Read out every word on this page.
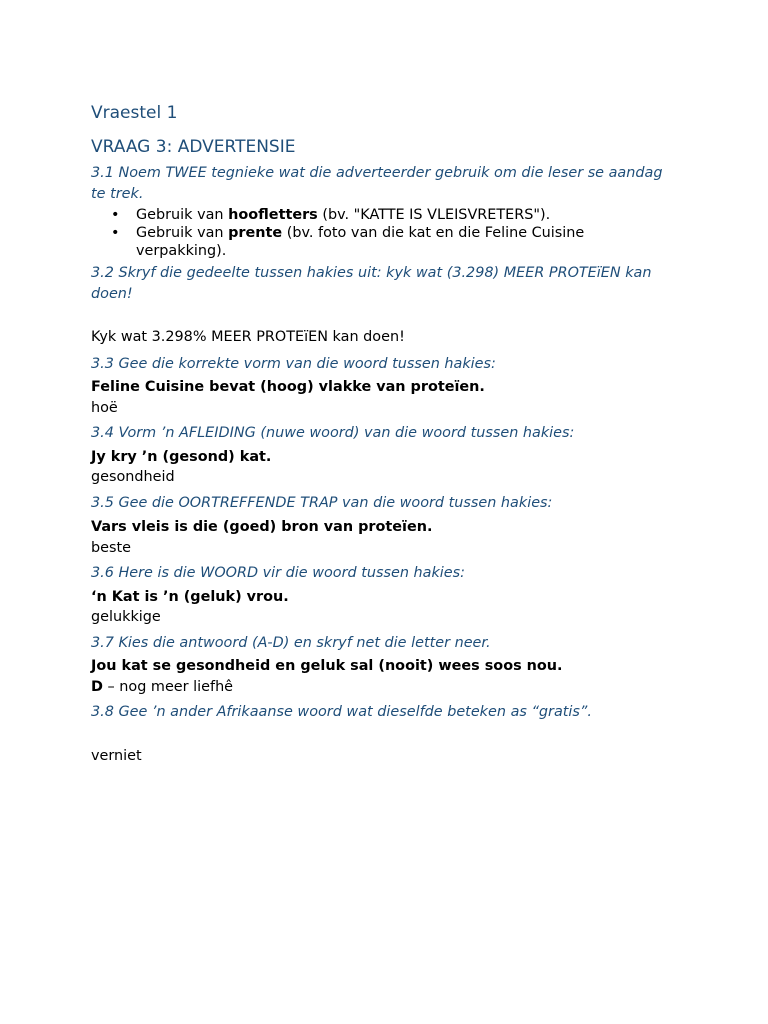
Vraestel 1

VRAAG 3: ADVERTENSIE

3.1 Noem TWEE tegnieke wat die adverteerder gebruik om die leser se aandag te trek.

• Gebruik van hoofletters (bv. "KATTE IS VLEISVRETERS").
• Gebruik van prente (bv. foto van die kat en die Feline Cuisine verpakking).

3.2 Skryf die gedeelte tussen hakies uit: kyk wat (3.298) MEER PROTEïEN kan doen!

Kyk wat 3.298% MEER PROTEïEN kan doen!

3.3 Gee die korrekte vorm van die woord tussen hakies:

Feline Cuisine bevat (hoog) vlakke van proteïen.

hoë

3.4 Vorm ’n AFLEIDING (nuwe woord) van die woord tussen hakies:

Jy kry ’n (gesond) kat.

gesondheid

3.5 Gee die OORTREFFENDE TRAP van die woord tussen hakies:

Vars vleis is die (goed) bron van proteïen.

beste

3.6 Here is die WOORD vir die woord tussen hakies:

‘n Kat is ’n (geluk) vrou.

gelukkige

3.7 Kies die antwoord (A-D) en skryf net die letter neer.

Jou kat se gesondheid en geluk sal (nooit) wees soos nou.

D – nog meer liefhê

3.8 Gee ’n ander Afrikaanse woord wat dieselfde beteken as “gratis”.

verniet
